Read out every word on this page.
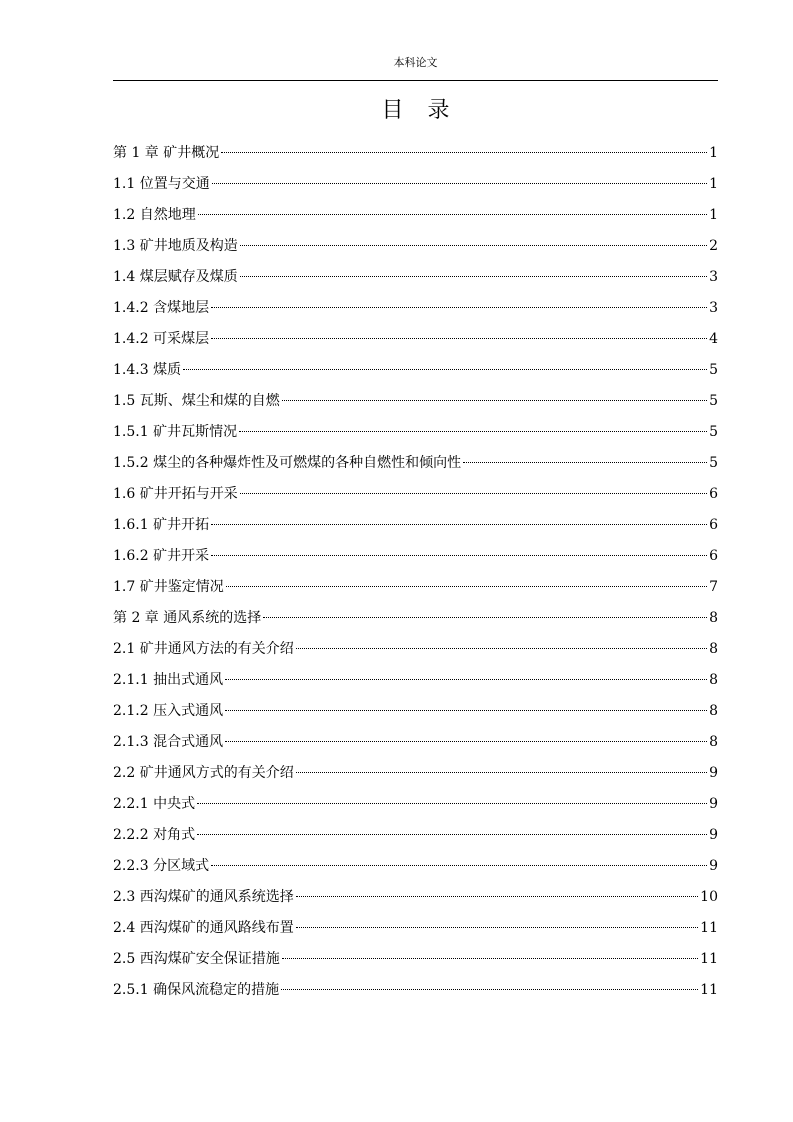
本科论文
目录
第 1 章 矿井概况	1
1.1 位置与交通	1
1.2 自然地理	1
1.3 矿井地质及构造	2
1.4 煤层赋存及煤质	3
1.4.2 含煤地层	3
1.4.2 可采煤层	4
1.4.3 煤质	5
1.5 瓦斯、煤尘和煤的自燃	5
1.5.1 矿井瓦斯情况	5
1.5.2 煤尘的各种爆炸性及可燃煤的各种自燃性和倾向性	5
1.6 矿井开拓与开采	6
1.6.1 矿井开拓	6
1.6.2 矿井开采	6
1.7 矿井鉴定情况	7
第 2 章 通风系统的选择	8
2.1 矿井通风方法的有关介绍	8
2.1.1 抽出式通风	8
2.1.2 压入式通风	8
2.1.3 混合式通风	8
2.2 矿井通风方式的有关介绍	9
2.2.1 中央式	9
2.2.2 对角式	9
2.2.3 分区域式	9
2.3 西沟煤矿的通风系统选择	10
2.4 西沟煤矿的通风路线布置	11
2.5 西沟煤矿安全保证措施	11
2.5.1 确保风流稳定的措施	11
